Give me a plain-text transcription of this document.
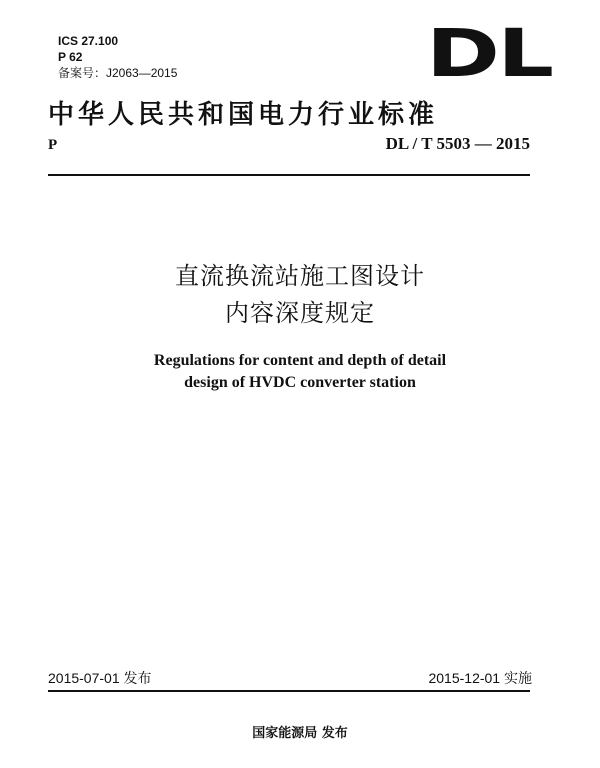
ICS 27.100
P 62
备案号：J2063—2015	DL
中华人民共和国电力行业标准
P	DL / T 5503 — 2015
直流换流站施工图设计
内容深度规定
Regulations for content and depth of detail
design of HVDC converter station
2015-07-01 发布	2015-12-01 实施
国家能源局 发布
